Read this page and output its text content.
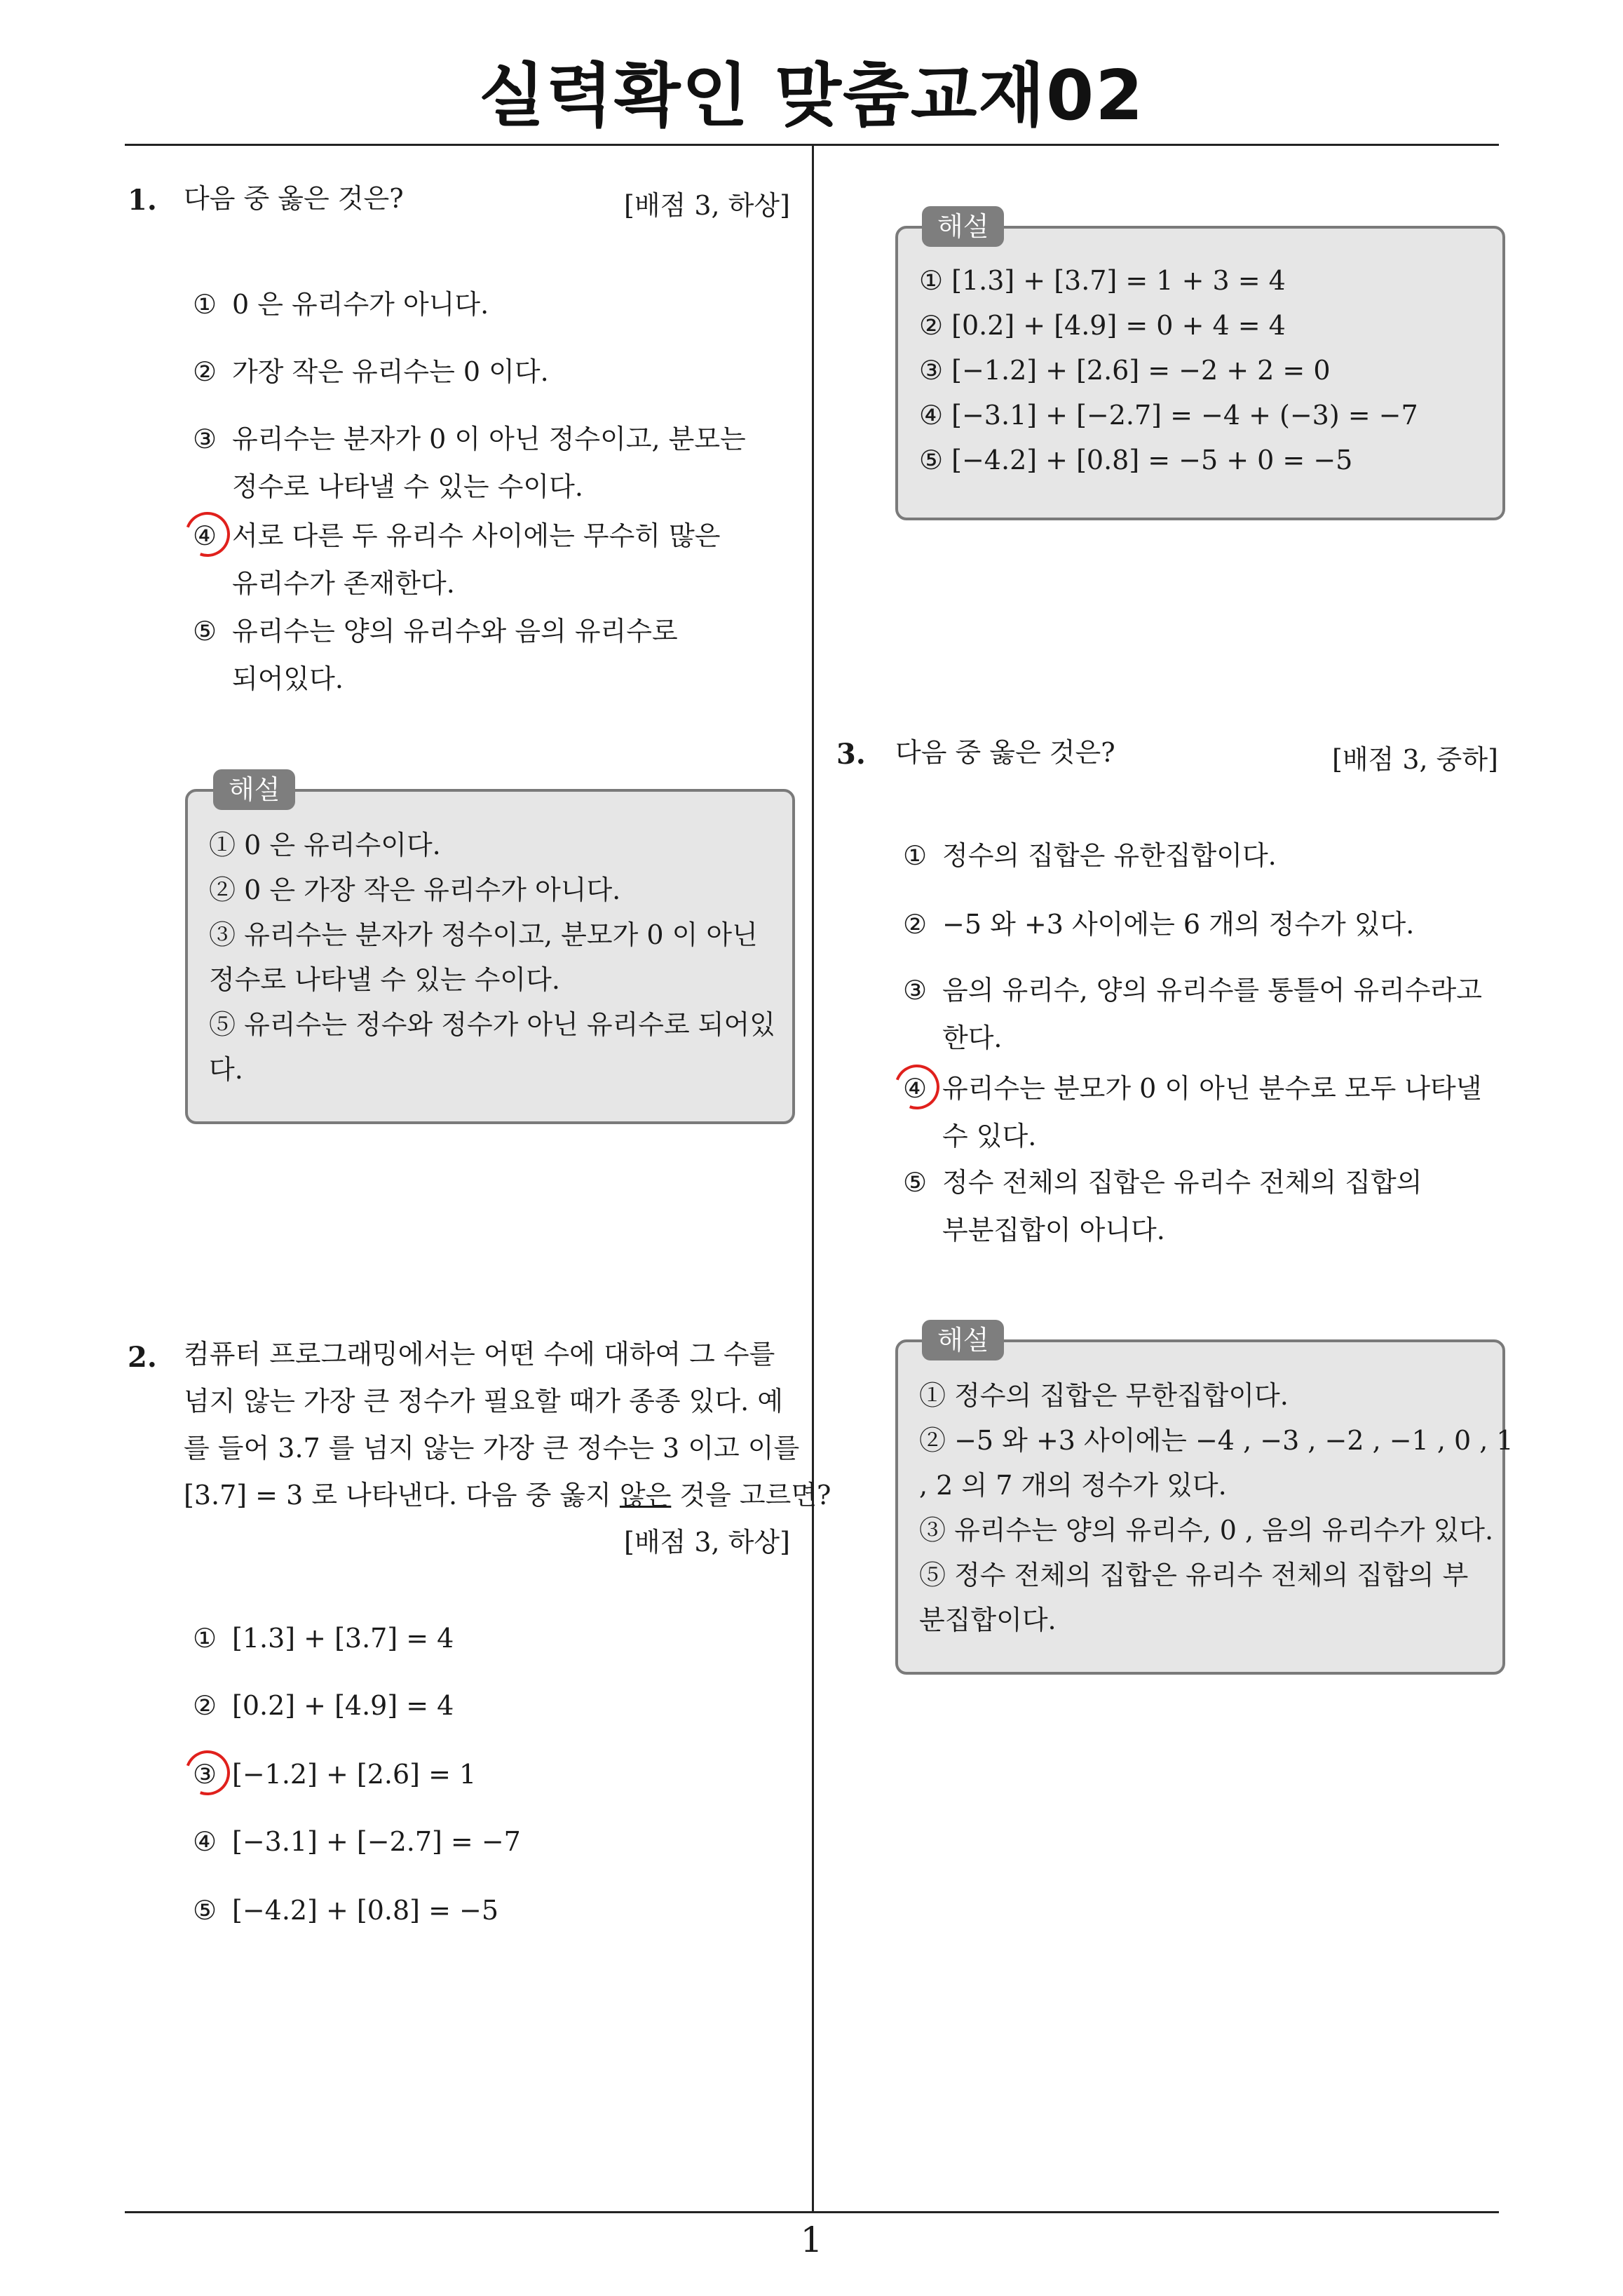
실력확인 맞춤교재02
1
1. 다음 중 옳은 것은?	[배점 3, 하상]
① 0 은 유리수가 아니다.
② 가장 작은 유리수는 0 이다.
③ 유리수는 분자가 0 이 아닌 정수이고, 분모는
정수로 나타낼 수 있는 수이다.
④ 서로 다른 두 유리수 사이에는 무수히 많은
유리수가 존재한다.
⑤ 유리수는 양의 유리수와 음의 유리수로
되어있다.
해설
① 0 은 유리수이다.
② 0 은 가장 작은 유리수가 아니다.
③ 유리수는 분자가 정수이고, 분모가 0 이 아닌
정수로 나타낼 수 있는 수이다.
⑤ 유리수는 정수와 정수가 아닌 유리수로 되어있
다.
2. 컴퓨터 프로그래밍에서는 어떤 수에 대하여 그 수를
넘지 않는 가장 큰 정수가 필요할 때가 종종 있다. 예
를 들어 3.7 를 넘지 않는 가장 큰 정수는 3 이고 이를
[3.7] = 3 로 나타낸다. 다음 중 옳지 않은 것을 고르면?
[배점 3, 하상]
① [1.3] + [3.7] = 4
② [0.2] + [4.9] = 4
③ [−1.2] + [2.6] = 1
④ [−3.1] + [−2.7] = −7
⑤ [−4.2] + [0.8] = −5
해설
① [1.3] + [3.7] = 1 + 3 = 4
② [0.2] + [4.9] = 0 + 4 = 4
③ [−1.2] + [2.6] = −2 + 2 = 0
④ [−3.1] + [−2.7] = −4 + (−3) = −7
⑤ [−4.2] + [0.8] = −5 + 0 = −5
3. 다음 중 옳은 것은?	[배점 3, 중하]
① 정수의 집합은 유한집합이다.
② −5 와 +3 사이에는 6 개의 정수가 있다.
③ 음의 유리수, 양의 유리수를 통틀어 유리수라고
한다.
④ 유리수는 분모가 0 이 아닌 분수로 모두 나타낼
수 있다.
⑤ 정수 전체의 집합은 유리수 전체의 집합의
부분집합이 아니다.
해설
① 정수의 집합은 무한집합이다.
② −5 와 +3 사이에는 −4 , −3 , −2 , −1 , 0 , 1
, 2 의 7 개의 정수가 있다.
③ 유리수는 양의 유리수, 0 , 음의 유리수가 있다.
⑤ 정수 전체의 집합은 유리수 전체의 집합의 부
분집합이다.
